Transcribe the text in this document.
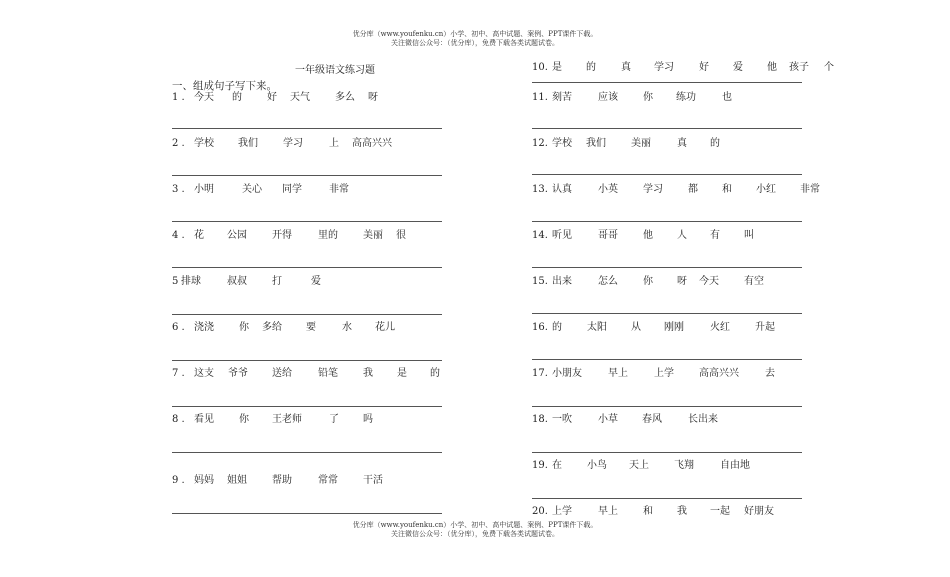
优分库（www.youfenku.cn）小学、初中、高中试题、案例、PPT课件下载。
关注微信公众号：（优分库），免费下载各类试题试卷。
一年级语文练习题
一、组成句子写下来。
1 . 今天 的	好 天气	多么 呀
2 . 学校 我们	学习	上 高高兴兴
3 . 小明	关心 同学	非常
4 . 花 公园	开得	里的	美丽 很
5 排球	叔叔	打	爱
6 . 浇浇	你 多给 要	水 花儿
7 . 这支 爷爷 送给	铅笔	我 是 的
8 . 看见	你 王老师	了 吗
9 . 妈妈 姐姐	帮助	常常	干活
10. 是 的	真 学习	好 爱 他 孩子 个
11. 刻苦	应该	你 练功	也
12. 学校 我们	美丽	真 的
13. 认真	小英	学习	都 和 小红 非常
14. 听见	哥哥	他 人 有 叫
15. 出来	怎么	你 呀 今天	有空
16. 的	太阳 从 刚刚	火红	升起
17. 小朋友	早上	上学	高高兴兴	去
18. 一吹	小草 春风	长出来
19. 在	小鸟 天上	飞翔	自由地
20. 上学	早上	和 我 一起 好朋友
优分库（www.youfenku.cn）小学、初中、高中试题、案例、PPT课件下载。
关注微信公众号：（优分库），免费下载各类试题试卷。
